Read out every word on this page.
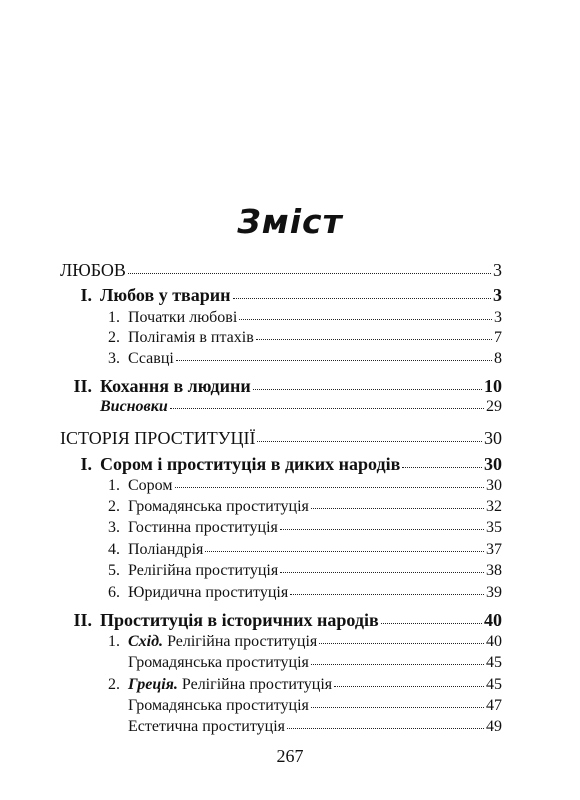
Зміст
ЛЮБОВ	3
I. Любов у тварин	3
1. Початки любові	3
2. Полігамія в птахів	7
3. Ссавці	8
II. Кохання в людини	10
Висновки	29
ІСТОРІЯ ПРОСТИТУЦІЇ	30
I. Сором і проституція в диких народів	30
1. Сором	30
2. Громадянська проституція	32
3. Гостинна проституція	35
4. Поліандрія	37
5. Релігійна проституція	38
6. Юридична проституція	39
II. Проституція в історичних народів	40
1. Схід. Релігійна проституція	40
Громадянська проституція	45
2. Греція. Релігійна проституція	45
Громадянська проституція	47
Естетична проституція	49
267
